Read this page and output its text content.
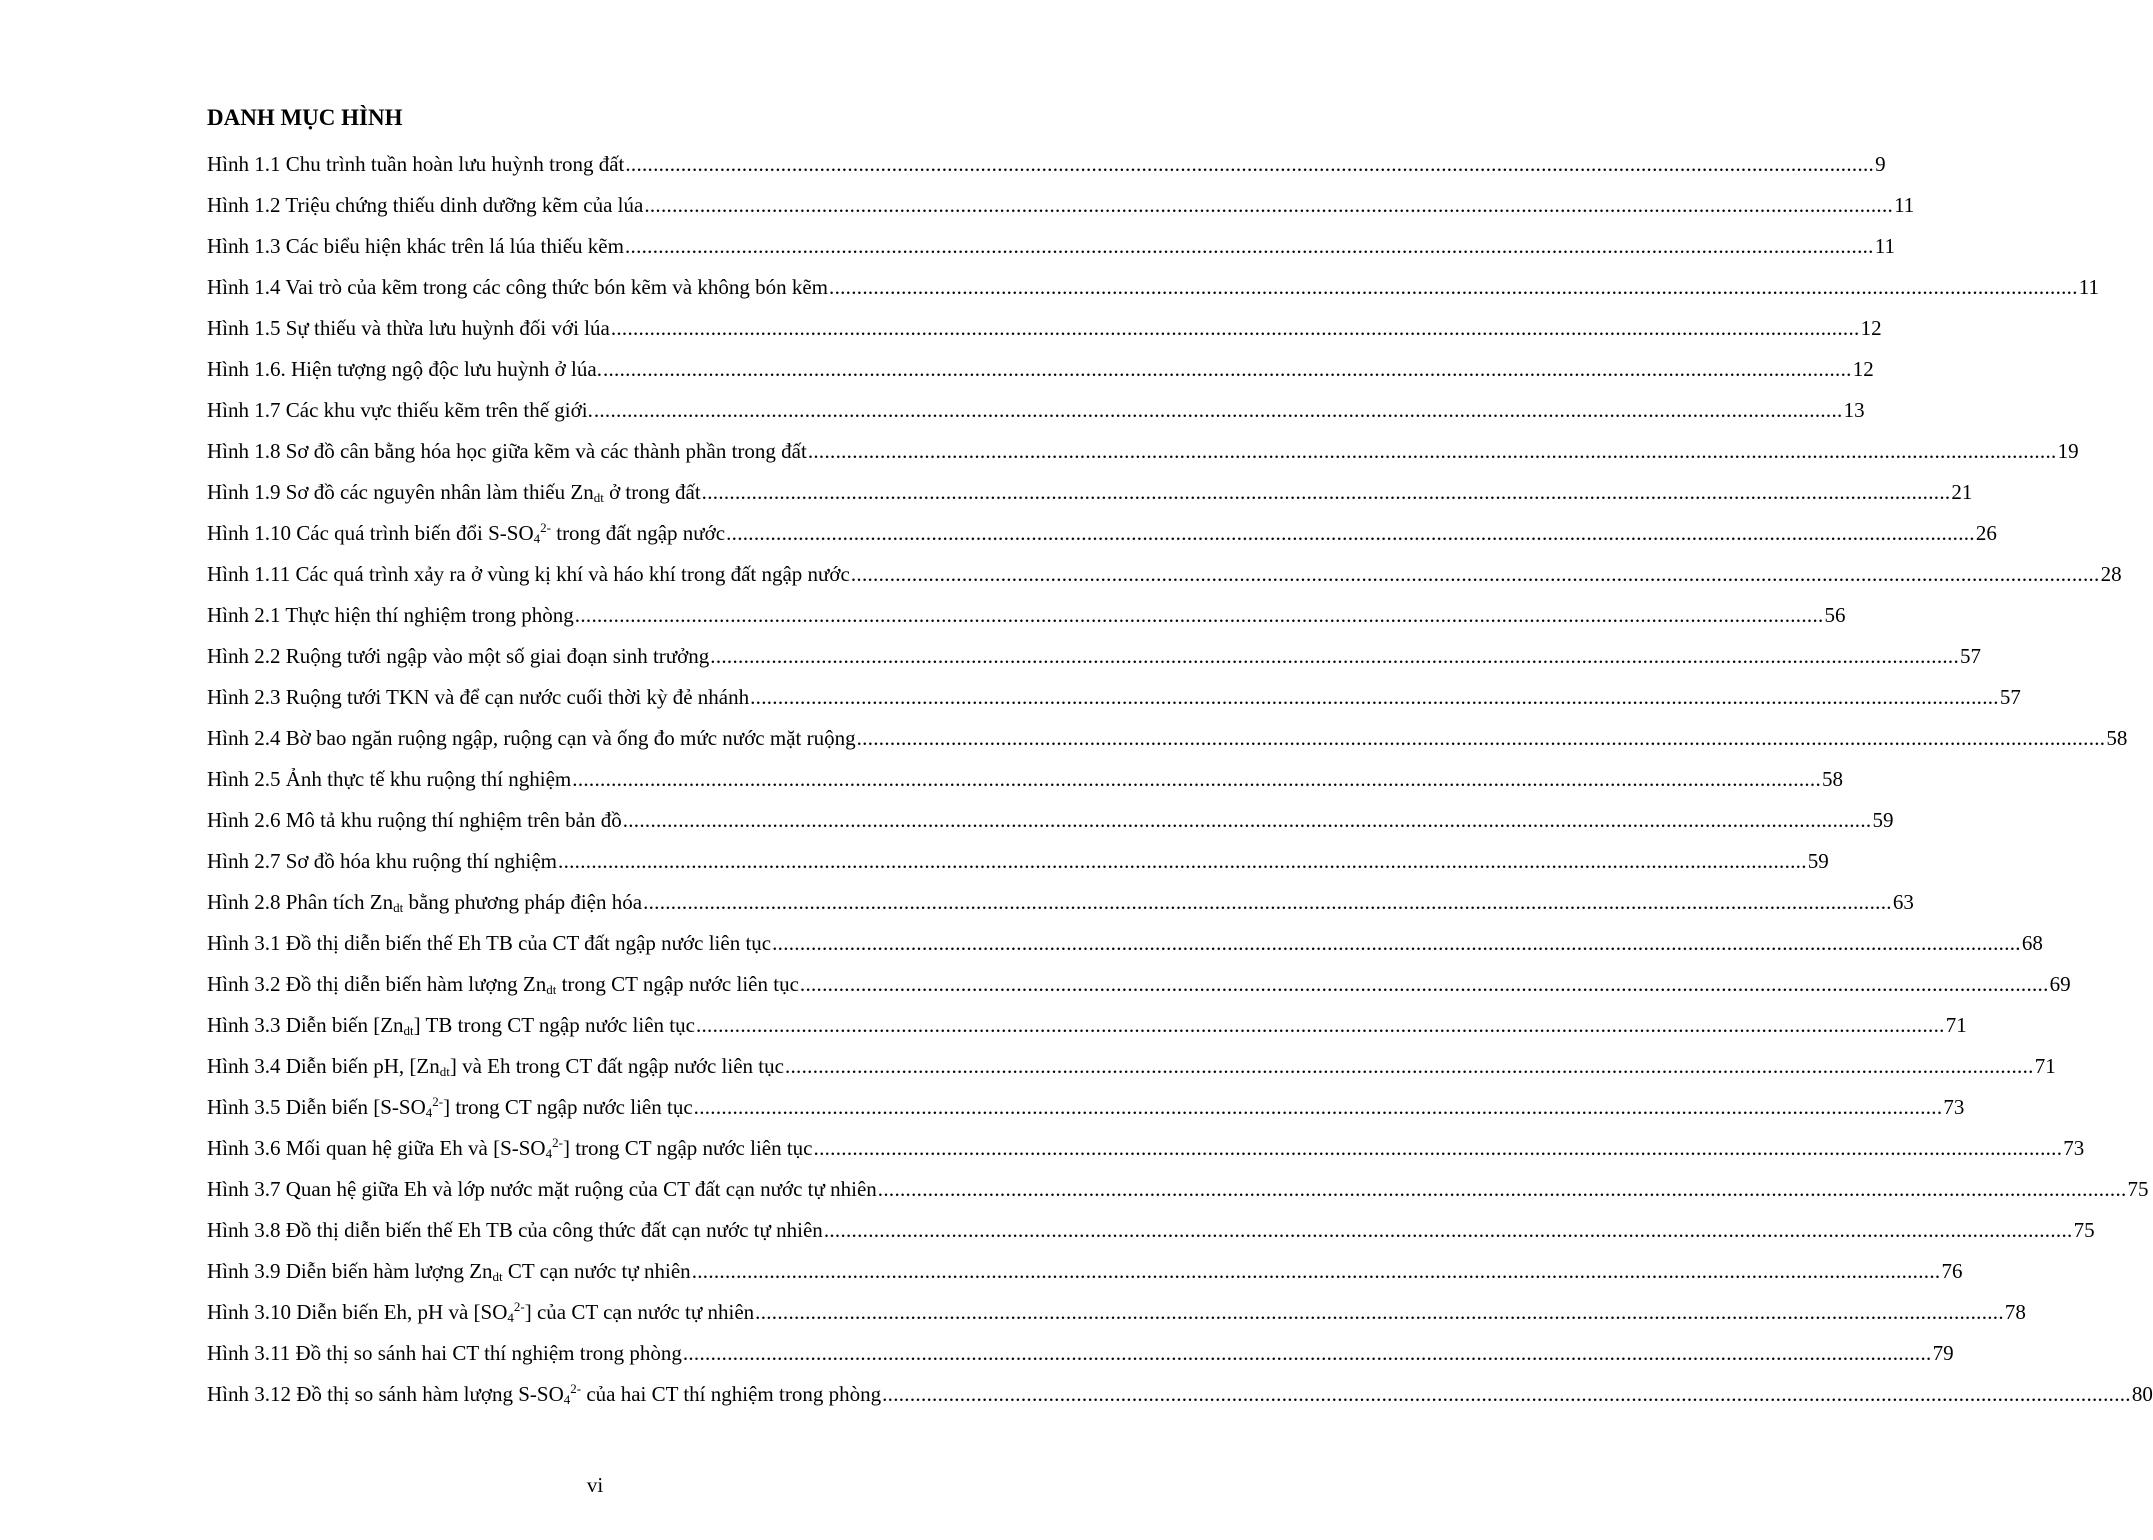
DANH MỤC HÌNH
Hình 1.1 Chu trình tuần hoàn lưu huỳnh trong đất .....	9
Hình 1.2 Triệu chứng thiếu dinh dưỡng kẽm của lúa .....	11
Hình 1.3 Các biểu hiện khác trên lá lúa thiếu kẽm .....	11
Hình 1.4 Vai trò của kẽm trong các công thức bón kẽm và không bón kẽm .....	11
Hình 1.5 Sự thiếu và thừa lưu huỳnh đối với lúa .....	12
Hình 1.6. Hiện tượng ngộ độc lưu huỳnh ở lúa. .....	12
Hình 1.7 Các khu vực thiếu kẽm trên thế giới. .....	13
Hình 1.8 Sơ đồ cân bằng hóa học giữa kẽm và các thành phần trong đất .....	19
Hình 1.9 Sơ đồ các nguyên nhân làm thiếu $Zn_{dt}$ ở trong đất .....	21
Hình 1.10 Các quá trình biến đổi $S-SO_4^{2-}$ trong đất ngập nước .....	26
Hình 1.11 Các quá trình xảy ra ở vùng kị khí và háo khí trong đất ngập nước .....	28
Hình 2.1 Thực hiện thí nghiệm trong phòng .....	56
Hình 2.2 Ruộng tưới ngập vào một số giai đoạn sinh trưởng .....	57
Hình 2.3 Ruộng tưới TKN và để cạn nước cuối thời kỳ đẻ nhánh .....	57
Hình 2.4 Bờ bao ngăn ruộng ngập, ruộng cạn và ống đo mức nước mặt ruộng .....	58
Hình 2.5 Ảnh thực tế khu ruộng thí nghiệm .....	58
Hình 2.6 Mô tả khu ruộng thí nghiệm trên bản đồ .....	59
Hình 2.7 Sơ đồ hóa khu ruộng thí nghiệm .....	59
Hình 2.8 Phân tích $Zn_{dt}$ bằng phương pháp điện hóa .....	63
Hình 3.1 Đồ thị diễn biến thế Eh TB của CT đất ngập nước liên tục .....	68
Hình 3.2 Đồ thị diễn biến hàm lượng $Zn_{dt}$ trong CT ngập nước liên tục .....	69
Hình 3.3 Diễn biến $[Zn_{dt}]$ TB trong CT ngập nước liên tục .....	71
Hình 3.4 Diễn biến pH, $[Zn_{dt}]$ và Eh trong CT đất ngập nước liên tục .....	71
Hình 3.5 Diễn biến $[S-SO_4^{2-}]$ trong CT ngập nước liên tục .....	73
Hình 3.6 Mối quan hệ giữa Eh và $[S-SO_4^{2-}]$ trong CT ngập nước liên tục .....	73
Hình 3.7 Quan hệ giữa Eh và lớp nước mặt ruộng của CT đất cạn nước tự nhiên .....	75
Hình 3.8 Đồ thị diễn biến thế Eh TB của công thức đất cạn nước tự nhiên .....	75
Hình 3.9 Diễn biến hàm lượng $Zn_{dt}$ CT cạn nước tự nhiên .....	76
Hình 3.10 Diễn biến Eh, pH và $[SO_4^{2-}]$ của CT cạn nước tự nhiên .....	78
Hình 3.11 Đồ thị so sánh hai CT thí nghiệm trong phòng .....	79
Hình 3.12 Đồ thị so sánh hàm lượng $S-SO_4^{2-}$ của hai CT thí nghiệm trong phòng .....	80
vi
